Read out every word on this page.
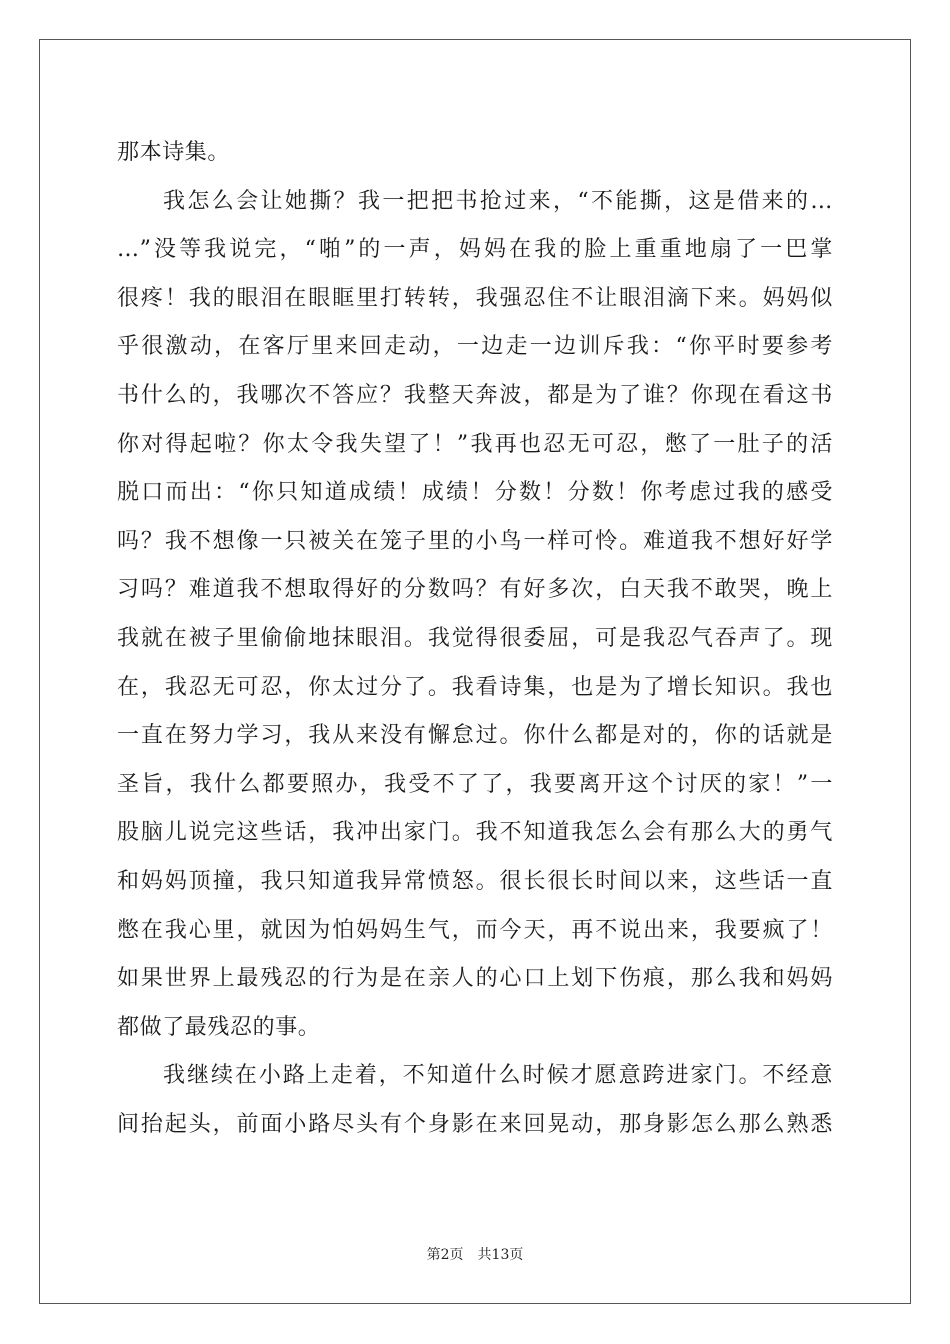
那本诗集。
我怎么会让她撕？我一把把书抢过来，“不能撕，这是借来的…
…”没等我说完，“啪”的一声，妈妈在我的脸上重重地扇了一巴掌
很疼！我的眼泪在眼眶里打转转，我强忍住不让眼泪滴下来。妈妈似
乎很激动，在客厅里来回走动，一边走一边训斥我：“你平时要参考
书什么的，我哪次不答应？我整天奔波，都是为了谁？你现在看这书
你对得起啦？你太令我失望了！”我再也忍无可忍，憋了一肚子的活
脱口而出：“你只知道成绩！成绩！分数！分数！你考虑过我的感受
吗？我不想像一只被关在笼子里的小鸟一样可怜。难道我不想好好学
习吗？难道我不想取得好的分数吗？有好多次，白天我不敢哭，晚上
我就在被子里偷偷地抹眼泪。我觉得很委屈，可是我忍气吞声了。现
在，我忍无可忍，你太过分了。我看诗集，也是为了增长知识。我也
一直在努力学习，我从来没有懈怠过。你什么都是对的，你的话就是
圣旨，我什么都要照办，我受不了了，我要离开这个讨厌的家！”一
股脑儿说完这些话，我冲出家门。我不知道我怎么会有那么大的勇气
和妈妈顶撞，我只知道我异常愤怒。很长很长时间以来，这些话一直
憋在我心里，就因为怕妈妈生气，而今天，再不说出来，我要疯了！
如果世界上最残忍的行为是在亲人的心口上划下伤痕，那么我和妈妈
都做了最残忍的事。
我继续在小路上走着，不知道什么时候才愿意跨进家门。不经意
间抬起头，前面小路尽头有个身影在来回晃动，那身影怎么那么熟悉
第2页 共13页
